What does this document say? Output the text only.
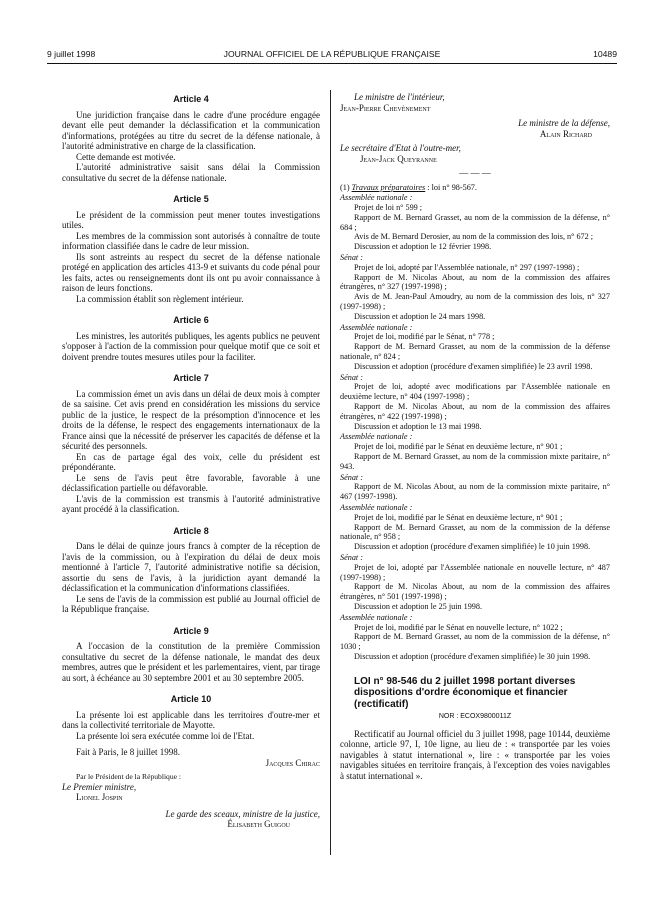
9 juillet 1998	JOURNAL OFFICIEL DE LA RÉPUBLIQUE FRANÇAISE	10489
Article 4

Une juridiction française dans le cadre d'une procédure engagée devant elle peut demander la déclassification et la communication d'informations, protégées au titre du secret de la défense nationale, à l'autorité administrative en charge de la classification.

Cette demande est motivée.

L'autorité administrative saisit sans délai la Commission consultative du secret de la défense nationale.

Article 5

Le président de la commission peut mener toutes investigations utiles.

Les membres de la commission sont autorisés à connaître de toute information classifiée dans le cadre de leur mission.

Ils sont astreints au respect du secret de la défense nationale protégé en application des articles 413-9 et suivants du code pénal pour les faits, actes ou renseignements dont ils ont pu avoir connaissance à raison de leurs fonctions.

La commission établit son règlement intérieur.

Article 6

Les ministres, les autorités publiques, les agents publics ne peuvent s'opposer à l'action de la commission pour quelque motif que ce soit et doivent prendre toutes mesures utiles pour la faciliter.

Article 7

La commission émet un avis dans un délai de deux mois à compter de sa saisine. Cet avis prend en considération les missions du service public de la justice, le respect de la présomption d'innocence et les droits de la défense, le respect des engagements internationaux de la France ainsi que la nécessité de préserver les capacités de défense et la sécurité des personnels.

En cas de partage égal des voix, celle du président est prépondérante.

Le sens de l'avis peut être favorable, favorable à une déclassification partielle ou défavorable.

L'avis de la commission est transmis à l'autorité administrative ayant procédé à la classification.

Article 8

Dans le délai de quinze jours francs à compter de la réception de l'avis de la commission, ou à l'expiration du délai de deux mois mentionné à l'article 7, l'autorité administrative notifie sa décision, assortie du sens de l'avis, à la juridiction ayant demandé la déclassification et la communication d'informations classifiées.

Le sens de l'avis de la commission est publié au Journal officiel de la République française.

Article 9

A l'occasion de la constitution de la première Commission consultative du secret de la défense nationale, le mandat des deux membres, autres que le président et les parlementaires, vient, par tirage au sort, à échéance au 30 septembre 2001 et au 30 septembre 2005.

Article 10

La présente loi est applicable dans les territoires d'outre-mer et dans la collectivité territoriale de Mayotte.

La présente loi sera exécutée comme loi de l'Etat.

Fait à Paris, le 8 juillet 1998.

Jacques Chirac

Par le Président de la République :

Le Premier ministre,

Lionel Jospin

Le garde des sceaux, ministre de la justice,

Élisabeth Guigou

Le ministre de l'intérieur,

Jean-Pierre Chevènement

Le ministre de la défense,

Alain Richard

Le secrétaire d'Etat à l'outre-mer,

Jean-Jack Queyranne

— — —

(1) Travaux préparatoires : loi n° 98-567.

Assemblée nationale :

Projet de loi n° 599 ;

Rapport de M. Bernard Grasset, au nom de la commission de la défense, n° 684 ;

Avis de M. Bernard Derosier, au nom de la commission des lois, n° 672 ;

Discussion et adoption le 12 février 1998.

Sénat :

Projet de loi, adopté par l'Assemblée nationale, n° 297 (1997-1998) ;

Rapport de M. Nicolas About, au nom de la commission des affaires étrangères, n° 327 (1997-1998) ;

Avis de M. Jean-Paul Amoudry, au nom de la commission des lois, n° 327 (1997-1998) ;

Discussion et adoption le 24 mars 1998.

Assemblée nationale :

Projet de loi, modifié par le Sénat, n° 778 ;

Rapport de M. Bernard Grasset, au nom de la commission de la défense nationale, n° 824 ;

Discussion et adoption (procédure d'examen simplifiée) le 23 avril 1998.

Sénat :

Projet de loi, adopté avec modifications par l'Assemblée nationale en deuxième lecture, n° 404 (1997-1998) ;

Rapport de M. Nicolas About, au nom de la commission des affaires étrangères, n° 422 (1997-1998) ;

Discussion et adoption le 13 mai 1998.

Assemblée nationale :

Projet de loi, modifié par le Sénat en deuxième lecture, n° 901 ;

Rapport de M. Bernard Grasset, au nom de la commission mixte paritaire, n° 943.

Sénat :

Rapport de M. Nicolas About, au nom de la commission mixte paritaire, n° 467 (1997-1998).

Assemblée nationale :

Projet de loi, modifié par le Sénat en deuxième lecture, n° 901 ;

Rapport de M. Bernard Grasset, au nom de la commission de la défense nationale, n° 958 ;

Discussion et adoption (procédure d'examen simplifiée) le 10 juin 1998.

Sénat :

Projet de loi, adopté par l'Assemblée nationale en nouvelle lecture, n° 487 (1997-1998) ;

Rapport de M. Nicolas About, au nom de la commission des affaires étrangères, n° 501 (1997-1998) ;

Discussion et adoption le 25 juin 1998.

Assemblée nationale :

Projet de loi, modifié par le Sénat en nouvelle lecture, n° 1022 ;

Rapport de M. Bernard Grasset, au nom de la commission de la défense, n° 1030 ;

Discussion et adoption (procédure d'examen simplifiée) le 30 juin 1998.

LOI n° 98-546 du 2 juillet 1998 portant diverses dispositions d'ordre économique et financier (rectificatif)

NOR : ECOX9800011Z

Rectificatif au Journal officiel du 3 juillet 1998, page 10144, deuxième colonne, article 97, I, 10e ligne, au lieu de : « transportée par les voies navigables à statut international », lire : « transportée par les voies navigables situées en territoire français, à l'exception des voies navigables à statut international ».
